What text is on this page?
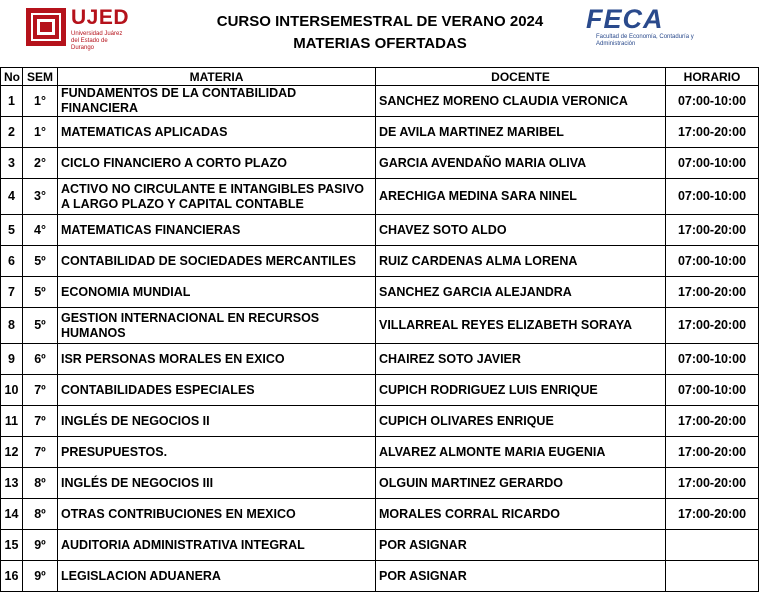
UJED
Universidad Juárez del Estado de Durango
CURSO INTERSEMESTRAL DE VERANO 2024
MATERIAS OFERTADAS
FECA
Facultad de Economía, Contaduría y Administración
No	SEM	MATERIA	DOCENTE	HORARIO
1	1°	FUNDAMENTOS DE LA CONTABILIDAD FINANCIERA	SANCHEZ MORENO CLAUDIA VERONICA	07:00-10:00
2	1°	MATEMATICAS APLICADAS	DE AVILA MARTINEZ MARIBEL	17:00-20:00
3	2°	CICLO FINANCIERO A CORTO PLAZO	GARCIA AVENDAÑO MARIA OLIVA	07:00-10:00
4	3°	ACTIVO NO CIRCULANTE E INTANGIBLES PASIVO A LARGO PLAZO Y CAPITAL CONTABLE	ARECHIGA MEDINA SARA NINEL	07:00-10:00
5	4°	MATEMATICAS FINANCIERAS	CHAVEZ SOTO ALDO	17:00-20:00
6	5º	CONTABILIDAD DE SOCIEDADES MERCANTILES	RUIZ CARDENAS ALMA LORENA	07:00-10:00
7	5º	ECONOMIA MUNDIAL	SANCHEZ GARCIA ALEJANDRA	17:00-20:00
8	5º	GESTION INTERNACIONAL EN RECURSOS HUMANOS	VILLARREAL REYES ELIZABETH SORAYA	17:00-20:00
9	6º	ISR PERSONAS MORALES EN EXICO	CHAIREZ SOTO JAVIER	07:00-10:00
10	7º	CONTABILIDADES ESPECIALES	CUPICH RODRIGUEZ LUIS ENRIQUE	07:00-10:00
11	7º	INGLÉS DE NEGOCIOS II	CUPICH OLIVARES ENRIQUE	17:00-20:00
12	7º	PRESUPUESTOS.	ALVAREZ ALMONTE MARIA EUGENIA	17:00-20:00
13	8º	INGLÉS DE NEGOCIOS III	OLGUIN MARTINEZ GERARDO	17:00-20:00
14	8º	OTRAS CONTRIBUCIONES EN MEXICO	MORALES CORRAL RICARDO	17:00-20:00
15	9º	AUDITORIA ADMINISTRATIVA INTEGRAL	POR ASIGNAR	
16	9º	LEGISLACION ADUANERA	POR ASIGNAR	
